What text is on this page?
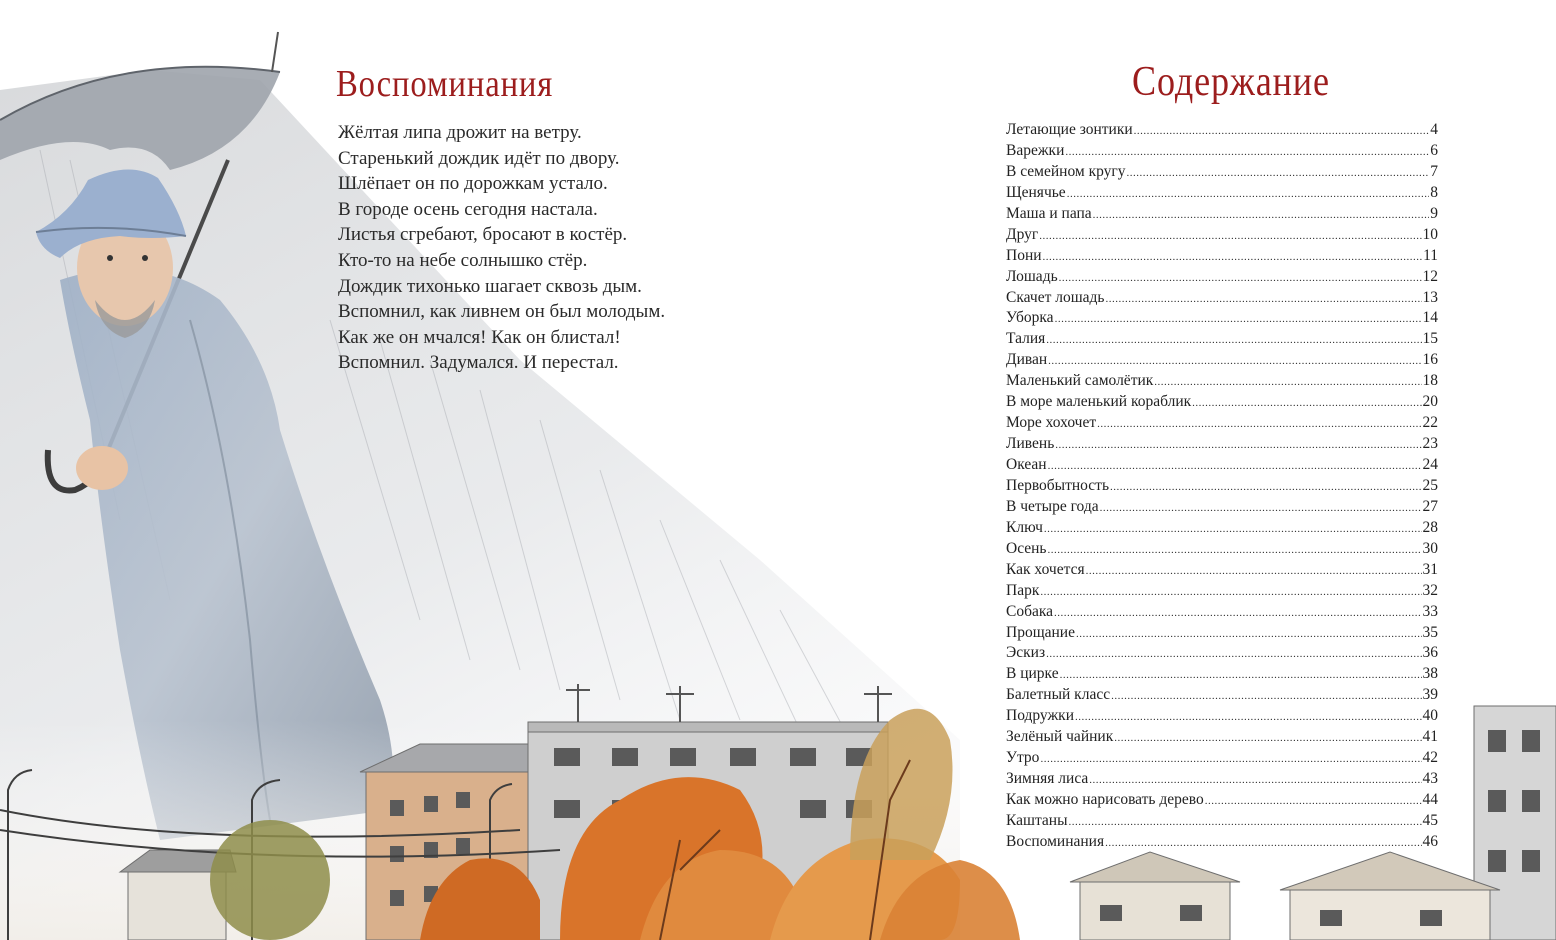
Воспоминания
Жёлтая липа дрожит на ветру.
Старенький дождик идёт по двору.
Шлёпает он по дорожкам устало.
В городе осень сегодня настала.
Листья сгребают, бросают в костёр.
Кто-то на небе солнышко стёр.
Дождик тихонько шагает сквозь дым.
Вспомнил, как ливнем он был молодым.
Как же он мчался! Как он блистал!
Вспомнил. Задумался. И перестал.
Содержание
Летающие зонтики .....	4
Варежки .....	6
В семейном кругу .....	7
Щенячье .....	8
Маша и папа .....	9
Друг .....	10
Пони .....	11
Лошадь .....	12
Скачет лошадь .....	13
Уборка .....	14
Талия .....	15
Диван .....	16
Маленький самолётик .....	18
В море маленький кораблик .....	20
Море хохочет .....	22
Ливень .....	23
Океан .....	24
Первобытность .....	25
В четыре года .....	27
Ключ .....	28
Осень .....	30
Как хочется .....	31
Парк .....	32
Собака .....	33
Прощание .....	35
Эскиз .....	36
В цирке .....	38
Балетный класс .....	39
Подружки .....	40
Зелёный чайник .....	41
Утро .....	42
Зимняя лиса .....	43
Как можно нарисовать дерево .....	44
Каштаны .....	45
Воспоминания .....	46
